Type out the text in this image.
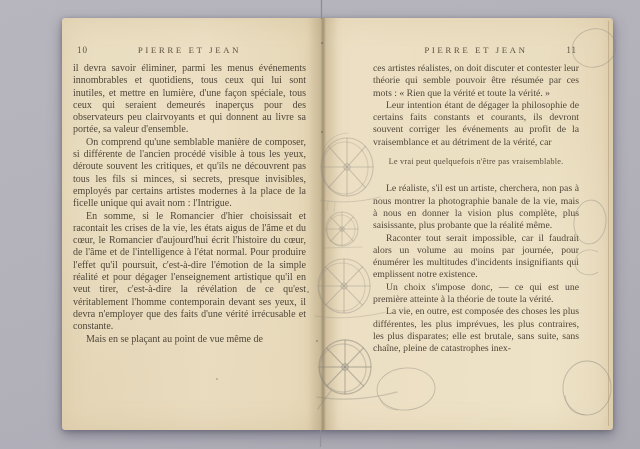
10	PIERRE ET JEAN

il devra savoir éliminer, parmi les menus événements innombrables et quotidiens, tous ceux qui lui sont inutiles, et mettre en lumière, d'une façon spéciale, tous ceux qui seraient demeurés inaperçus pour des observateurs peu clairvoyants et qui donnent au livre sa portée, sa valeur d'ensemble.

On comprend qu'une semblable manière de composer, si différente de l'ancien procédé visible à tous les yeux, déroute souvent les critiques, et qu'ils ne découvrent pas tous les fils si minces, si secrets, presque invisibles, employés par certains artistes modernes à la place de la ficelle unique qui avait nom : l'Intrigue.

En somme, si le Romancier d'hier choisissait et racontait les crises de la vie, les états aigus de l'âme et du cœur, le Romancier d'aujourd'hui écrit l'histoire du cœur, de l'âme et de l'intelligence à l'état normal. Pour produire l'effet qu'il poursuit, c'est-à-dire l'émotion de la simple réalité et pour dégager l'enseignement artistique qu'il en veut tirer, c'est-à-dire la révélation de ce qu'est véritablement l'homme contemporain devant ses yeux, il devra n'employer que des faits d'une vérité irrécusable et constante.

Mais en se plaçant au point de vue même de

PIERRE ET JEAN	11

ces artistes réalistes, on doit discuter et contester leur théorie qui semble pouvoir être résumée par ces mots : « Rien que la vérité et toute la vérité. »

Leur intention étant de dégager la philosophie de certains faits constants et courants, ils devront souvent corriger les événements au profit de la vraisemblance et au détriment de la vérité, car

Le vrai peut quelquefois n'être pas vraisemblable.

Le réaliste, s'il est un artiste, cherchera, non pas à nous montrer la photographie banale de la vie, mais à nous en donner la vision plus complète, plus saisissante, plus probante que la réalité même.

Raconter tout serait impossible, car il faudrait alors un volume au moins par journée, pour énumérer les multitudes d'incidents insignifiants qui emplissent notre existence.

Un choix s'impose donc, — ce qui est une première atteinte à la théorie de toute la vérité.

La vie, en outre, est composée des choses les plus différentes, les plus imprévues, les plus contraires, les plus disparates; elle est brutale, sans suite, sans chaîne, pleine de catastrophes inex-
